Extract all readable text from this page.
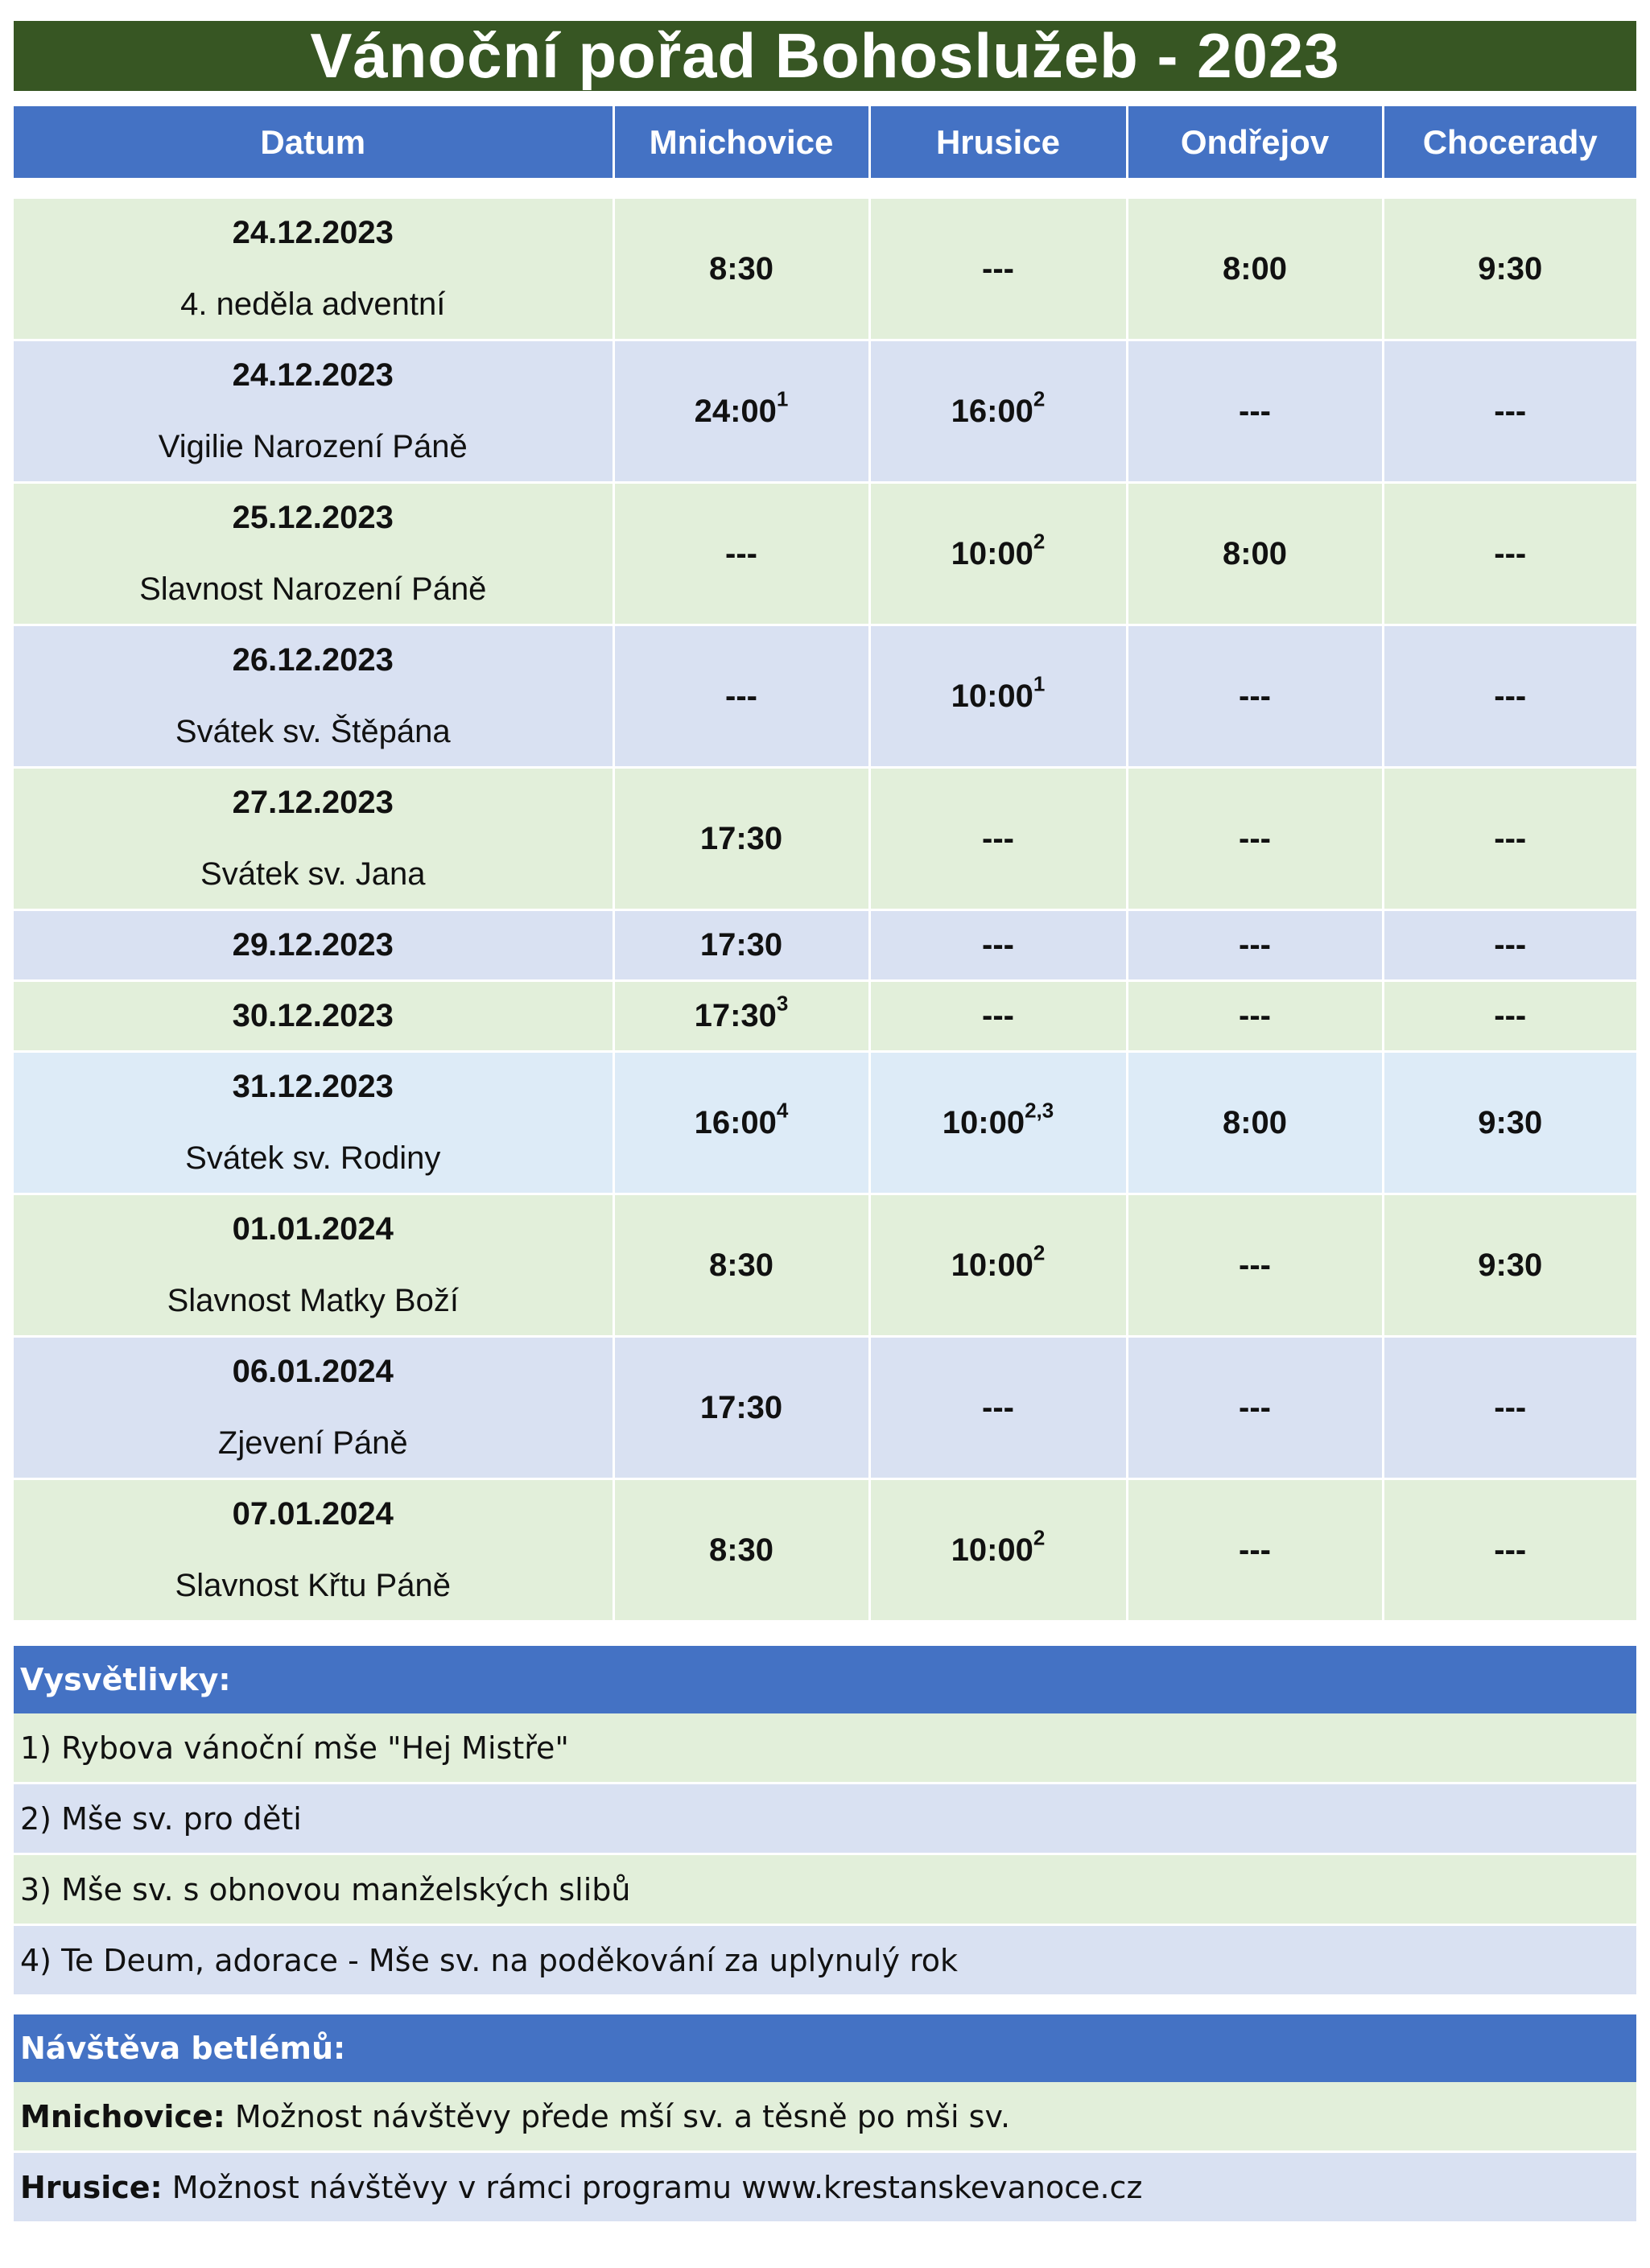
Vánoční pořad Bohoslužeb - 2023
Datum	Mnichovice	Hrusice	Ondřejov	Chocerady

24.12.2023
4. neděla adventní	8:30	---	8:00	9:30

24.12.2023
Vigilie Narození Páně	$24:00^1$	$16:00^2$	---	---

25.12.2023
Slavnost Narození Páně	---	$10:00^2$	8:00	---

26.12.2023
Svátek sv. Štěpána	---	$10:00^1$	---	---

27.12.2023
Svátek sv. Jana	17:30	---	---	---

29.12.2023	17:30	---	---	---

30.12.2023	$17:30^3$	---	---	---

31.12.2023
Svátek sv. Rodiny	$16:00^4$	10:00$^{2,3}$	8:00	9:30

01.01.2024
Slavnost Matky Boží	8:30	$10:00^2$	---	9:30

06.01.2024
Zjevení Páně	17:30	---	---	---

07.01.2024
Slavnost Křtu Páně	8:30	$10:00^2$	---	---
Vysvětlivky:
1) Rybova vánoční mše "Hej Mistře"
2) Mše sv. pro děti
3) Mše sv. s obnovou manželských slibů
4) Te Deum, adorace - Mše sv. na poděkování za uplynulý rok
Návštěva betlémů:
Mnichovice: Možnost návštěvy přede mší sv. a těsně po mši sv.
Hrusice: Možnost návštěvy v rámci programu www.krestanskevanoce.cz
